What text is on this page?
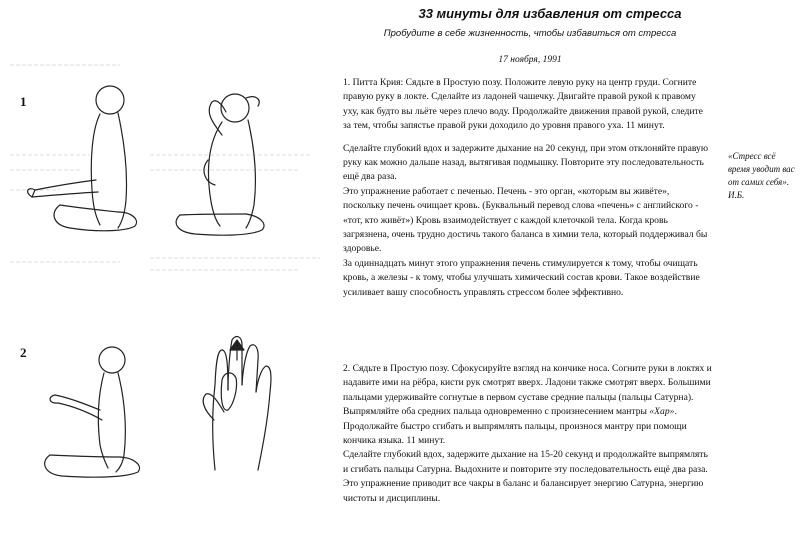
1
2
33 минуты для избавления от стресса
Пробудите в себе жизненность, чтобы избавиться от стресса
17 ноября, 1991

1. Питта Крия: Сядьте в Простую позу. Положите левую руку на центр груди. Согните правую руку в локте. Сделайте из ладоней чашечку. Двигайте правой рукой к правому уху, как будто вы льёте через плечо воду. Продолжайте движения правой рукой, следите за тем, чтобы запястье правой руки доходило до уровня правого уха. 11 минут.

Сделайте глубокий вдох и задержите дыхание на 20 секунд, при этом отклоняйте правую руку как можно дальше назад, вытягивая подмышку. Повторите эту последовательность ещё два раза.

Это упражнение работает с печенью. Печень - это орган, «которым вы живёте», поскольку печень очищает кровь. (Буквальный перевод слова «печень» с английского - «тот, кто живёт») Кровь взаимодействует с каждой клеточкой тела. Когда кровь загрязнена, очень трудно достичь такого баланса в химии тела, который поддерживал бы здоровье.

За одиннадцать минут этого упражнения печень стимулируется к тому, чтобы очищать кровь, а железы - к тому, чтобы улучшать химический состав крови. Такое воздействие усиливает вашу способность управлять стрессом более эффективно.

2. Сядьте в Простую позу. Сфокусируйте взгляд на кончике носа. Согните руки в локтях и надавите ими на рёбра, кисти рук смотрят вверх. Ладони также смотрят вверх. Большими пальцами удерживайте согнутые в первом суставе средние пальцы (пальцы Сатурна). Выпрямляйте оба средних пальца одновременно с произнесением мантры «Хар». Продолжайте быстро сгибать и выпрямлять пальцы, произнося мантру при помощи кончика языка. 11 минут.

Сделайте глубокий вдох, задержите дыхание на 15-20 секунд и продолжайте выпрямлять и сгибать пальцы Сатурна. Выдохните и повторите эту последовательность ещё два раза.

Это упражнение приводит все чакры в баланс и балансирует энергию Сатурна, энергию чистоты и дисциплины.

«Стресс всё время уводит вас от самих себя». И.Б.
